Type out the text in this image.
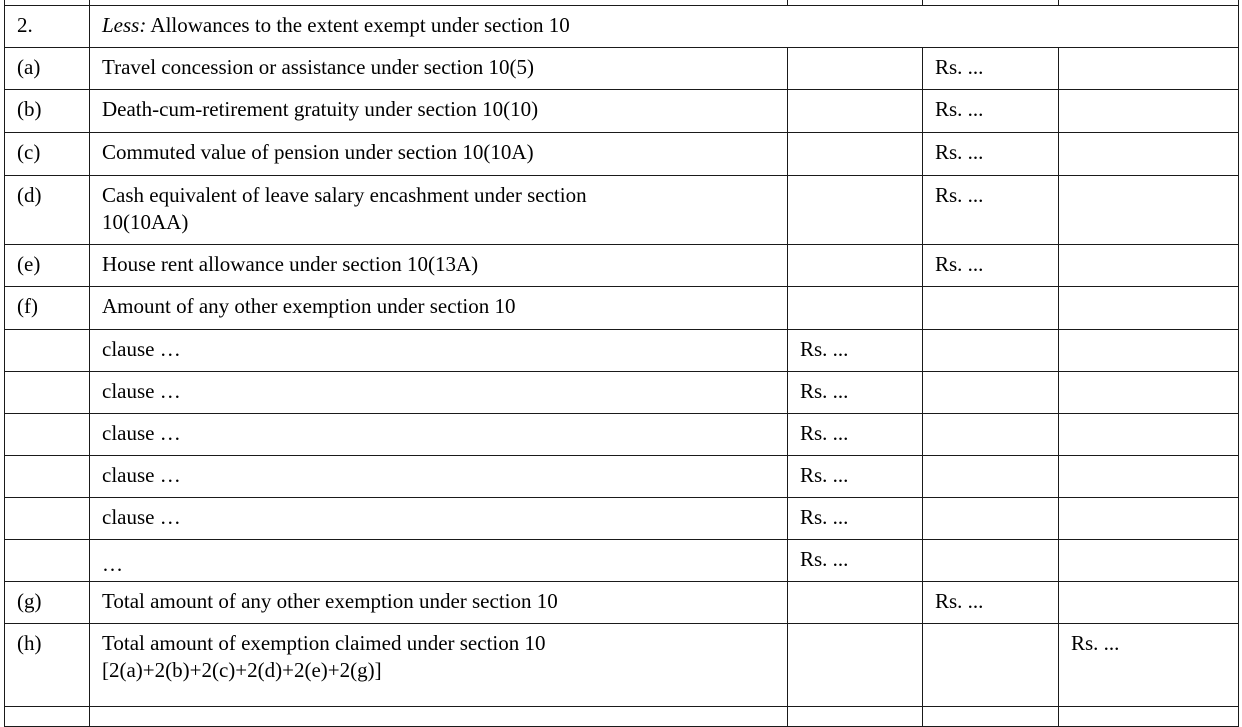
2.	Less: Allowances to the extent exempt under section 10			
(a)	Travel concession or assistance under section 10(5)		Rs. ...	
(b)	Death-cum-retirement gratuity under section 10(10)		Rs. ...	
(c)	Commuted value of pension under section 10(10A)		Rs. ...	
(d)	Cash equivalent of leave salary encashment under section
10(10AA)		Rs. ...	
(e)	House rent allowance under section 10(13A)		Rs. ...	
(f)	Amount of any other exemption under section 10			
	clause …	Rs. ...		
	clause …	Rs. ...		
	clause …	Rs. ...		
	clause …	Rs. ...		
	clause …	Rs. ...		
	…	Rs. ...		
(g)	Total amount of any other exemption under section 10		Rs. ...	
(h)	Total amount of exemption claimed under section 10
[2(a)+2(b)+2(c)+2(d)+2(e)+2(g)]			Rs. ...
